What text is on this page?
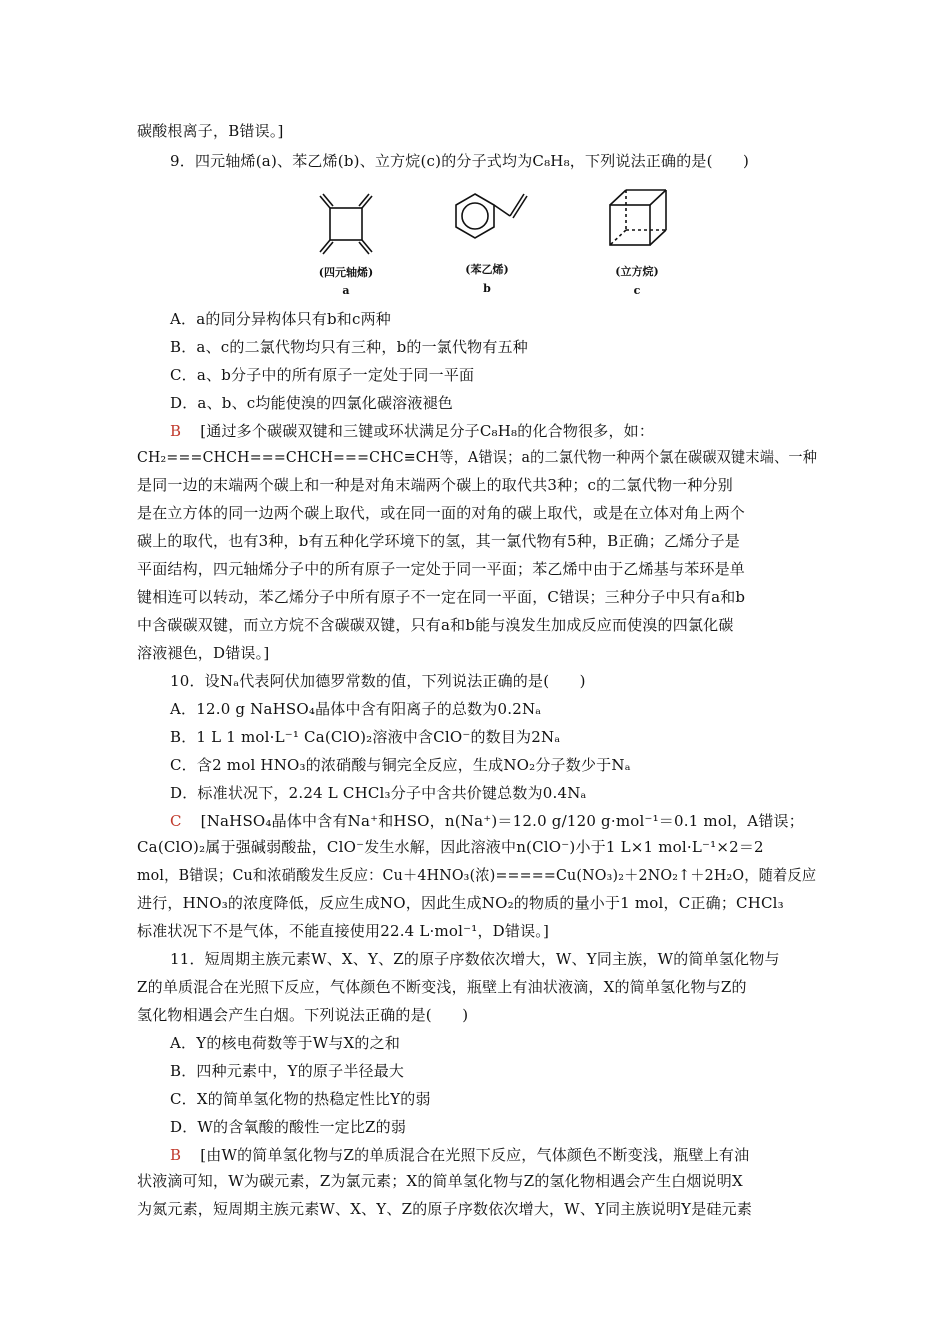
碳酸根离子，B错误。]
9．四元轴烯(a)、苯乙烯(b)、立方烷(c)的分子式均为C₈H₈，下列说法正确的是(　　)
(四元轴烯)
a
(苯乙烯)
b
(立方烷)
c
A．a的同分异构体只有b和c两种
B．a、c的二氯代物均只有三种，b的一氯代物有五种
C．a、b分子中的所有原子一定处于同一平面
D．a、b、c均能使溴的四氯化碳溶液褪色
B [通过多个碳碳双键和三键或环状满足分子C₈H₈的化合物很多，如：
CH₂===CHCH===CHCH===CHC≡CH等，A错误；a的二氯代物一种两个氯在碳碳双键末端、一种
是同一边的末端两个碳上和一种是对角末端两个碳上的取代共3种；c的二氯代物一种分别
是在立方体的同一边两个碳上取代，或在同一面的对角的碳上取代，或是在立体对角上两个
碳上的取代，也有3种，b有五种化学环境下的氢，其一氯代物有5种，B正确；乙烯分子是
平面结构，四元轴烯分子中的所有原子一定处于同一平面；苯乙烯中由于乙烯基与苯环是单
键相连可以转动，苯乙烯分子中所有原子不一定在同一平面，C错误；三种分子中只有a和b
中含碳碳双键，而立方烷不含碳碳双键，只有a和b能与溴发生加成反应而使溴的四氯化碳
溶液褪色，D错误。]
10．设Nₐ代表阿伏加德罗常数的值，下列说法正确的是(　　)
A．12.0 g NaHSO₄晶体中含有阳离子的总数为0.2Nₐ
B．1 L 1 mol·L⁻¹ Ca(ClO)₂溶液中含ClO⁻的数目为2Nₐ
C．含2 mol HNO₃的浓硝酸与铜完全反应，生成NO₂分子数少于Nₐ
D．标准状况下，2.24 L CHCl₃分子中含共价键总数为0.4Nₐ
C [NaHSO₄晶体中含有Na⁺和HSO，n(Na⁺)＝12.0 g/120 g·mol⁻¹＝0.1 mol，A错误；
Ca(ClO)₂属于强碱弱酸盐，ClO⁻发生水解，因此溶液中n(ClO⁻)小于1 L×1 mol·L⁻¹×2＝2
mol，B错误；Cu和浓硝酸发生反应：Cu＋4HNO₃(浓)=====Cu(NO₃)₂＋2NO₂↑＋2H₂O，随着反应
进行，HNO₃的浓度降低，反应生成NO，因此生成NO₂的物质的量小于1 mol，C正确；CHCl₃
标准状况下不是气体，不能直接使用22.4 L·mol⁻¹，D错误。]
11．短周期主族元素W、X、Y、Z的原子序数依次增大，W、Y同主族，W的简单氢化物与
Z的单质混合在光照下反应，气体颜色不断变浅，瓶壁上有油状液滴，X的简单氢化物与Z的
氢化物相遇会产生白烟。下列说法正确的是(　　)
A．Y的核电荷数等于W与X的之和
B．四种元素中，Y的原子半径最大
C．X的简单氢化物的热稳定性比Y的弱
D．W的含氧酸的酸性一定比Z的弱
B [由W的简单氢化物与Z的单质混合在光照下反应，气体颜色不断变浅，瓶壁上有油
状液滴可知，W为碳元素，Z为氯元素；X的简单氢化物与Z的氢化物相遇会产生白烟说明X
为氮元素，短周期主族元素W、X、Y、Z的原子序数依次增大，W、Y同主族说明Y是硅元素
